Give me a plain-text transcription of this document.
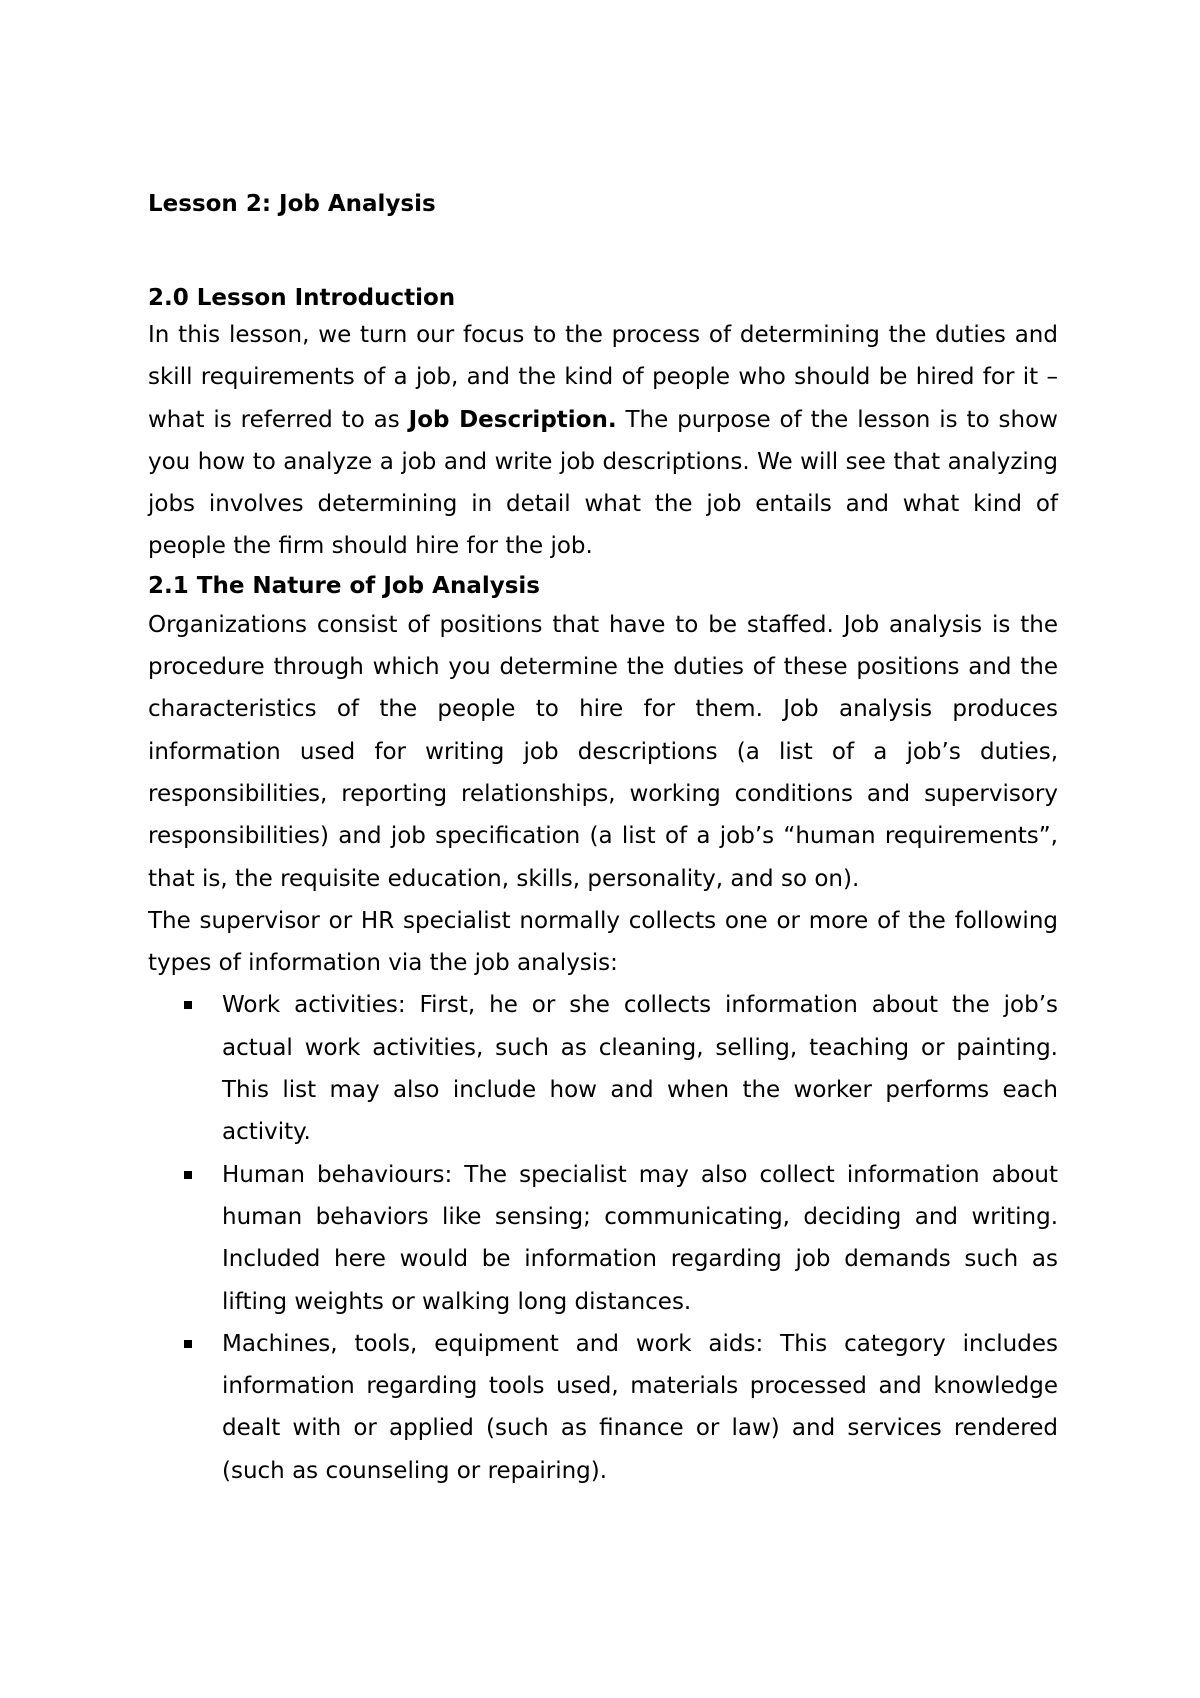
Lesson 2: Job Analysis

2.0 Lesson Introduction

In this lesson, we turn our focus to the process of determining the duties and skill requirements of a job, and the kind of people who should be hired for it – what is referred to as Job Description. The purpose of the lesson is to show you how to analyze a job and write job descriptions. We will see that analyzing jobs involves determining in detail what the job entails and what kind of people the firm should hire for the job.

2.1 The Nature of Job Analysis

Organizations consist of positions that have to be staffed. Job analysis is the procedure through which you determine the duties of these positions and the characteristics of the people to hire for them. Job analysis produces information used for writing job descriptions (a list of a job’s duties, responsibilities, reporting relationships, working conditions and supervisory responsibilities) and job specification (a list of a job’s “human requirements”, that is, the requisite education, skills, personality, and so on).

The supervisor or HR specialist normally collects one or more of the following types of information via the job analysis:

Work activities: First, he or she collects information about the job’s actual work activities, such as cleaning, selling, teaching or painting. This list may also include how and when the worker performs each activity.
Human behaviours: The specialist may also collect information about human behaviors like sensing; communicating, deciding and writing. Included here would be information regarding job demands such as lifting weights or walking long distances.
Machines, tools, equipment and work aids: This category includes information regarding tools used, materials processed and knowledge dealt with or applied (such as finance or law) and services rendered (such as counseling or repairing).
